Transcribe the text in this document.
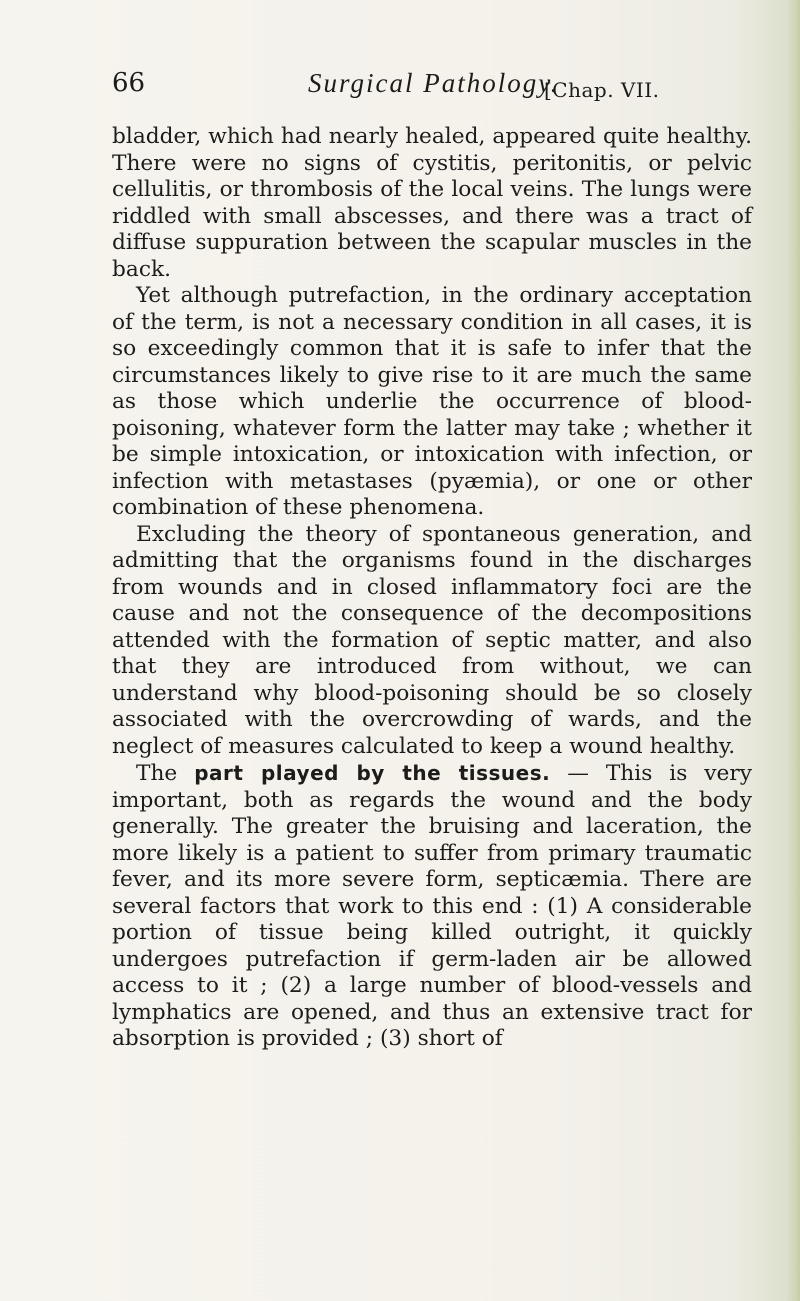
66	Surgical Pathology.
[Chap. VII.

bladder, which had nearly healed, appeared quite healthy. There were no signs of cystitis, peritonitis, or pelvic cellulitis, or thrombosis of the local veins. The lungs were riddled with small abscesses, and there was a tract of diffuse suppuration between the scapular muscles in the back.

Yet although putrefaction, in the ordinary acceptation of the term, is not a necessary condition in all cases, it is so exceedingly common that it is safe to infer that the circumstances likely to give rise to it are much the same as those which underlie the occurrence of blood-poisoning, whatever form the latter may take ; whether it be simple intoxication, or intoxication with infection, or infection with metastases (pyæmia), or one or other combination of these phenomena.

Excluding the theory of spontaneous generation, and admitting that the organisms found in the discharges from wounds and in closed inflammatory foci are the cause and not the consequence of the decompositions attended with the formation of septic matter, and also that they are introduced from without, we can understand why blood-poisoning should be so closely associated with the overcrowding of wards, and the neglect of measures calculated to keep a wound healthy.

The part played by the tissues. — This is very important, both as regards the wound and the body generally. The greater the bruising and laceration, the more likely is a patient to suffer from primary traumatic fever, and its more severe form, septicæmia. There are several factors that work to this end : (1) A considerable portion of tissue being killed outright, it quickly undergoes putrefaction if germ-laden air be allowed access to it ; (2) a large number of blood-vessels and lymphatics are opened, and thus an extensive tract for absorption is provided ; (3) short of
